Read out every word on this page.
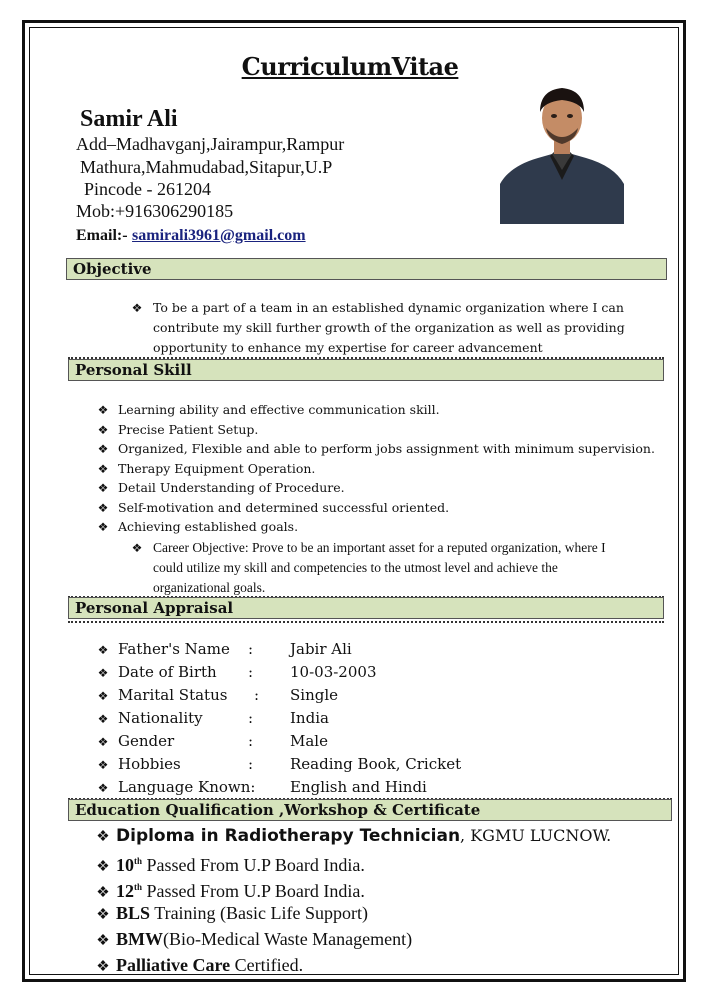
CurriculumVitae
Samir Ali
Add–Madhavganj,Jairampur,Rampur
Mathura,Mahmudabad,Sitapur,U.P
Pincode - 261204
Mob:+916306290185
Email:- samirali3961@gmail.com
Objective
❖ To be a part of a team in an established dynamic organization where I can
contribute my skill further growth of the organization as well as providing
opportunity to enhance my expertise for career advancement
Personal Skill
❖ Learning ability and effective communication skill.
❖ Precise Patient Setup.
❖ Organized, Flexible and able to perform jobs assignment with minimum supervision.
❖ Therapy Equipment Operation.
❖ Detail Understanding of Procedure.
❖ Self-motivation and determined successful oriented.
❖ Achieving established goals.
❖ Career Objective: Prove to be an important asset for a reputed organization, where I
could utilize my skill and competencies to the utmost level and achieve the
organizational goals.
Personal Appraisal
❖ Father's Name : Jabir Ali
❖ Date of Birth : 10-03-2003
❖ Marital Status : Single
❖ Nationality	: India
❖ Gender	: Male
❖ Hobbies	: Reading Book, Cricket
❖ Language Known: English and Hindi
Education Qualification ,Workshop & Certificate
❖ Diploma in Radiotherapy Technician, KGMU LUCNOW.
❖ 10th Passed From U.P Board India.
❖ 12th Passed From U.P Board India.
❖ BLS Training (Basic Life Support)
❖ BMW(Bio-Medical Waste Management)
❖ Palliative Care Certified.
